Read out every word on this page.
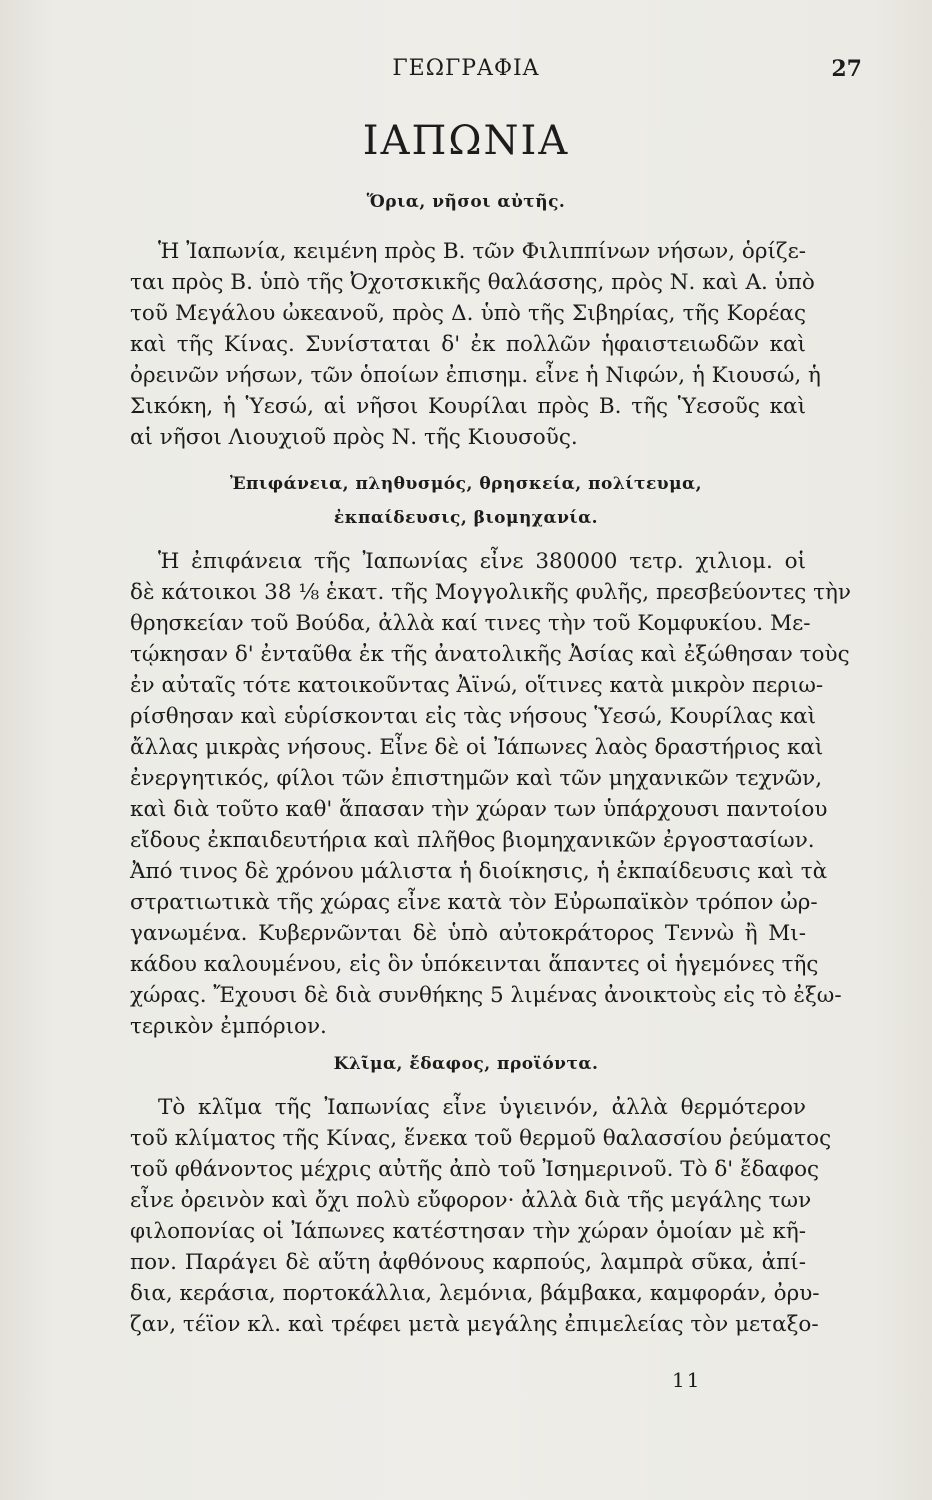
ΓΕΩΓΡΑΦΙΑ	27
ΙΑΠΩΝΙΑ
Ὅρια, νῆσοι αὐτῆς.
Ἡ Ἰαπωνία, κειμένη πρὸς Β. τῶν Φιλιππίνων νήσων, ὁρίζε-
ται πρὸς Β. ὑπὸ τῆς Ὀχοτσκικῆς θαλάσσης, πρὸς Ν. καὶ Α. ὑπὸ
τοῦ Μεγάλου ὠκεανοῦ, πρὸς Δ. ὑπὸ τῆς Σιβηρίας, τῆς Κορέας
καὶ τῆς Κίνας. Συνίσταται δ' ἐκ πολλῶν ἡφαιστειωδῶν καὶ
ὀρεινῶν νήσων, τῶν ὁποίων ἐπισημ. εἶνε ἡ Νιφών, ἡ Κιουσώ, ἡ
Σικόκη, ἡ Ὑεσώ, αἱ νῆσοι Κουρίλαι πρὸς Β. τῆς Ὑεσοῦς καὶ
αἱ νῆσοι Λιουχιοῦ πρὸς Ν. τῆς Κιουσοῦς.
Ἐπιφάνεια, πληθυσμός, θρησκεία, πολίτευμα,
ἐκπαίδευσις, βιομηχανία.
Ἡ ἐπιφάνεια τῆς Ἰαπωνίας εἶνε 380000 τετρ. χιλιομ. οἱ
δὲ κάτοικοι 38 ⅛ ἑκατ. τῆς Μογγολικῆς φυλῆς, πρεσβεύοντες τὴν
θρησκείαν τοῦ Βούδα, ἀλλὰ καί τινες τὴν τοῦ Κομφυκίου. Με-
τῴκησαν δ' ἐνταῦθα ἐκ τῆς ἀνατολικῆς Ἀσίας καὶ ἐξώθησαν τοὺς
ἐν αὐταῖς τότε κατοικοῦντας Ἀϊνώ, οἵτινες κατὰ μικρὸν περιω-
ρίσθησαν καὶ εὑρίσκονται εἰς τὰς νήσους Ὑεσώ, Κουρίλας καὶ
ἄλλας μικρὰς νήσους. Εἶνε δὲ οἱ Ἰάπωνες λαὸς δραστήριος καὶ
ἐνεργητικός, φίλοι τῶν ἐπιστημῶν καὶ τῶν μηχανικῶν τεχνῶν,
καὶ διὰ τοῦτο καθ' ἅπασαν τὴν χώραν των ὑπάρχουσι παντοίου
εἴδους ἐκπαιδευτήρια καὶ πλῆθος βιομηχανικῶν ἐργοστασίων.
Ἀπό τινος δὲ χρόνου μάλιστα ἡ διοίκησις, ἡ ἐκπαίδευσις καὶ τὰ
στρατιωτικὰ τῆς χώρας εἶνε κατὰ τὸν Εὐρωπαϊκὸν τρόπον ὠρ-
γανωμένα. Κυβερνῶνται δὲ ὑπὸ αὐτοκράτορος Τεννὼ ἢ Μι-
κάδου καλουμένου, εἰς ὃν ὑπόκεινται ἅπαντες οἱ ἡγεμόνες τῆς
χώρας. Ἔχουσι δὲ διὰ συνθήκης 5 λιμένας ἀνοικτοὺς εἰς τὸ ἐξω-
τερικὸν ἐμπόριον.
Κλῖμα, ἔδαφος, προϊόντα.
Τὸ κλῖμα τῆς Ἰαπωνίας εἶνε ὑγιεινόν, ἀλλὰ θερμότερον
τοῦ κλίματος τῆς Κίνας, ἕνεκα τοῦ θερμοῦ θαλασσίου ῥεύματος
τοῦ φθάνοντος μέχρις αὐτῆς ἀπὸ τοῦ Ἰσημερινοῦ. Τὸ δ' ἔδαφος
εἶνε ὀρεινὸν καὶ ὄχι πολὺ εὔφορον· ἀλλὰ διὰ τῆς μεγάλης των
φιλοπονίας οἱ Ἰάπωνες κατέστησαν τὴν χώραν ὁμοίαν μὲ κῆ-
πον. Παράγει δὲ αὕτη ἀφθόνους καρπούς, λαμπρὰ σῦκα, ἀπί-
δια, κεράσια, πορτοκάλλια, λεμόνια, βάμβακα, καμφοράν, ὀρυ-
ζαν, τέϊον κλ. καὶ τρέφει μετὰ μεγάλης ἐπιμελείας τὸν μεταξο-
11
